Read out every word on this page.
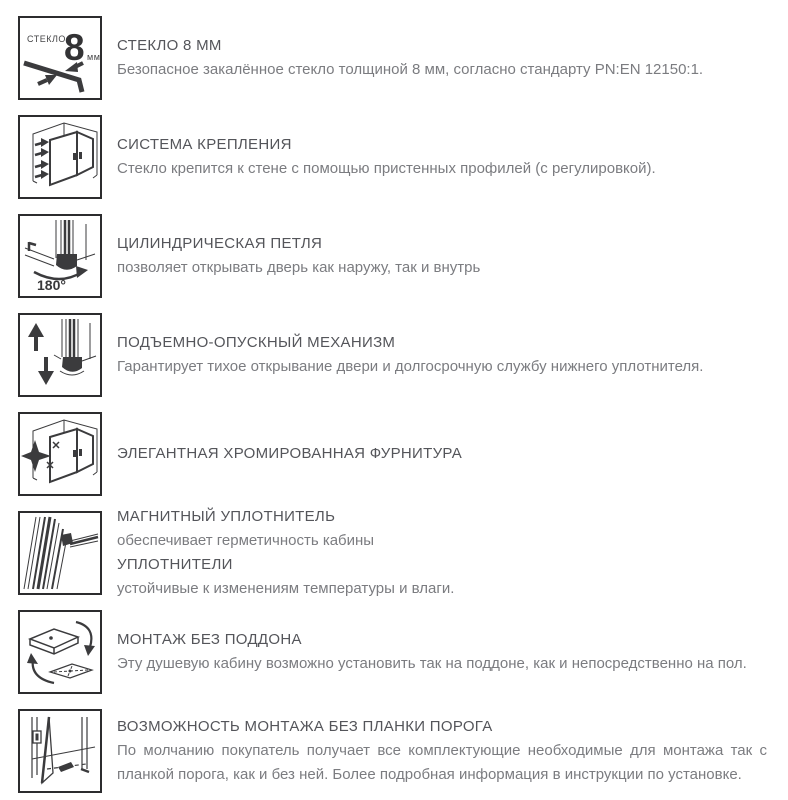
СТЕКЛО
8 мм
СТЕКЛО 8 ММ
Безопасное закалённое стекло толщиной 8 мм, согласно стандарту PN:EN 12150:1.
СИСТЕМА КРЕПЛЕНИЯ
Стекло крепится к стене с помощью пристенных профилей (с регулировкой).
180°
ЦИЛИНДРИЧЕСКАЯ ПЕТЛЯ
позволяет открывать дверь как наружу, так и внутрь
ПОДЪЕМНО-ОПУСКНЫЙ МЕХАНИЗМ
Гарантирует тихое открывание двери и долгосрочную службу нижнего уплотнителя.
ЭЛЕГАНТНАЯ ХРОМИРОВАННАЯ ФУРНИТУРА
МАГНИТНЫЙ УПЛОТНИТЕЛЬ
обеспечивает герметичность кабины
УПЛОТНИТЕЛИ
устойчивые к изменениям температуры и влаги.
МОНТАЖ БЕЗ ПОДДОНА
Эту душевую кабину возможно установить так на поддоне, как и непосредственно на пол.
ВОЗМОЖНОСТЬ МОНТАЖА БЕЗ ПЛАНКИ ПОРОГА
По молчанию покупатель получает все комплектующие необходимые для монтажа так с планкой порога, как и без ней. Более подробная информация в инструкции по установке.
